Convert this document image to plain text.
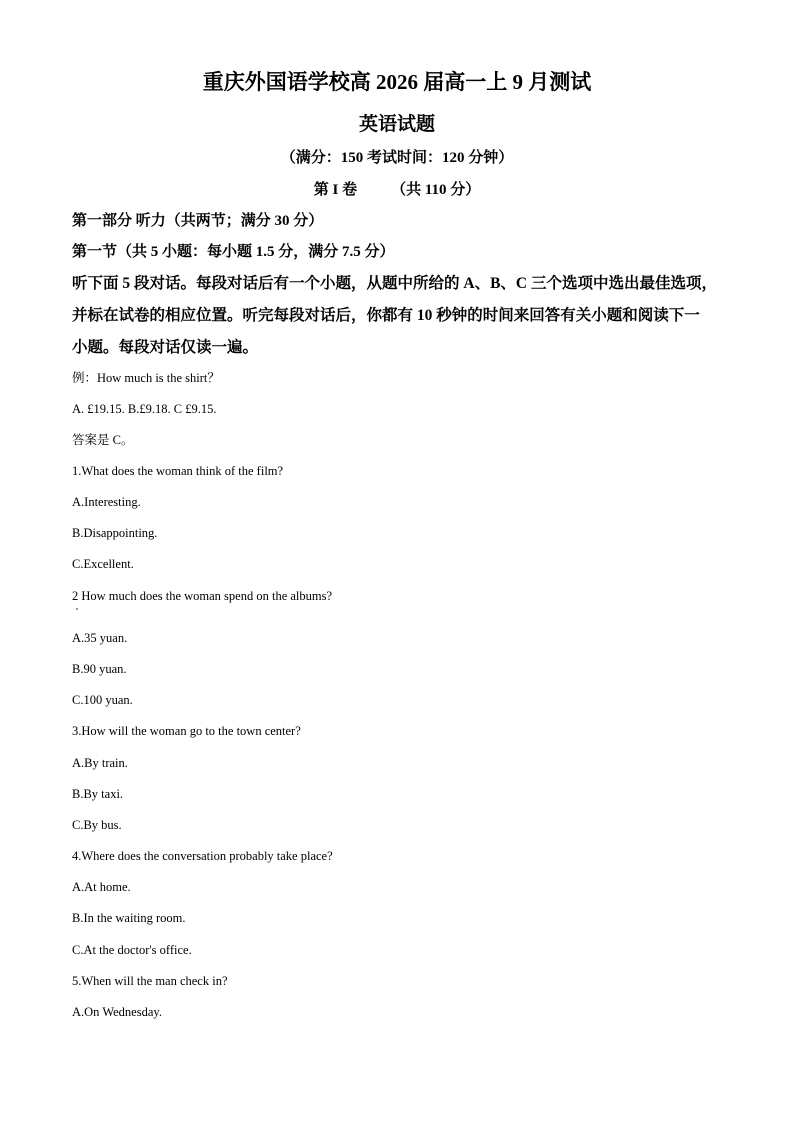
重庆外国语学校高 2026 届高一上 9 月测试
英语试题
（满分：150 考试时间：120 分钟）
第 I 卷 （共 110 分）
第一部分 听力（共两节；满分 30 分）
第一节（共 5 小题：每小题 1.5 分，满分 7.5 分）
听下面 5 段对话。每段对话后有一个小题，从题中所给的 A、B、C 三个选项中选出最佳选项，
并标在试卷的相应位置。听完每段对话后，你都有 10 秒钟的时间来回答有关小题和阅读下一
小题。每段对话仅读一遍。
例：How much is the shirt？
A. £19.15. B.£9.18. C £9.15.
答案是 C。
1.What does the woman think of the film?
A.Interesting.
B.Disappointing.
C.Excellent.
2 How much does the woman spend on the albums?
A.35 yuan.
B.90 yuan.
C.100 yuan.
3.How will the woman go to the town center?
A.By train.
B.By taxi.
C.By bus.
4.Where does the conversation probably take place?
A.At home.
B.In the waiting room.
C.At the doctor's office.
5.When will the man check in?
A.On Wednesday.
